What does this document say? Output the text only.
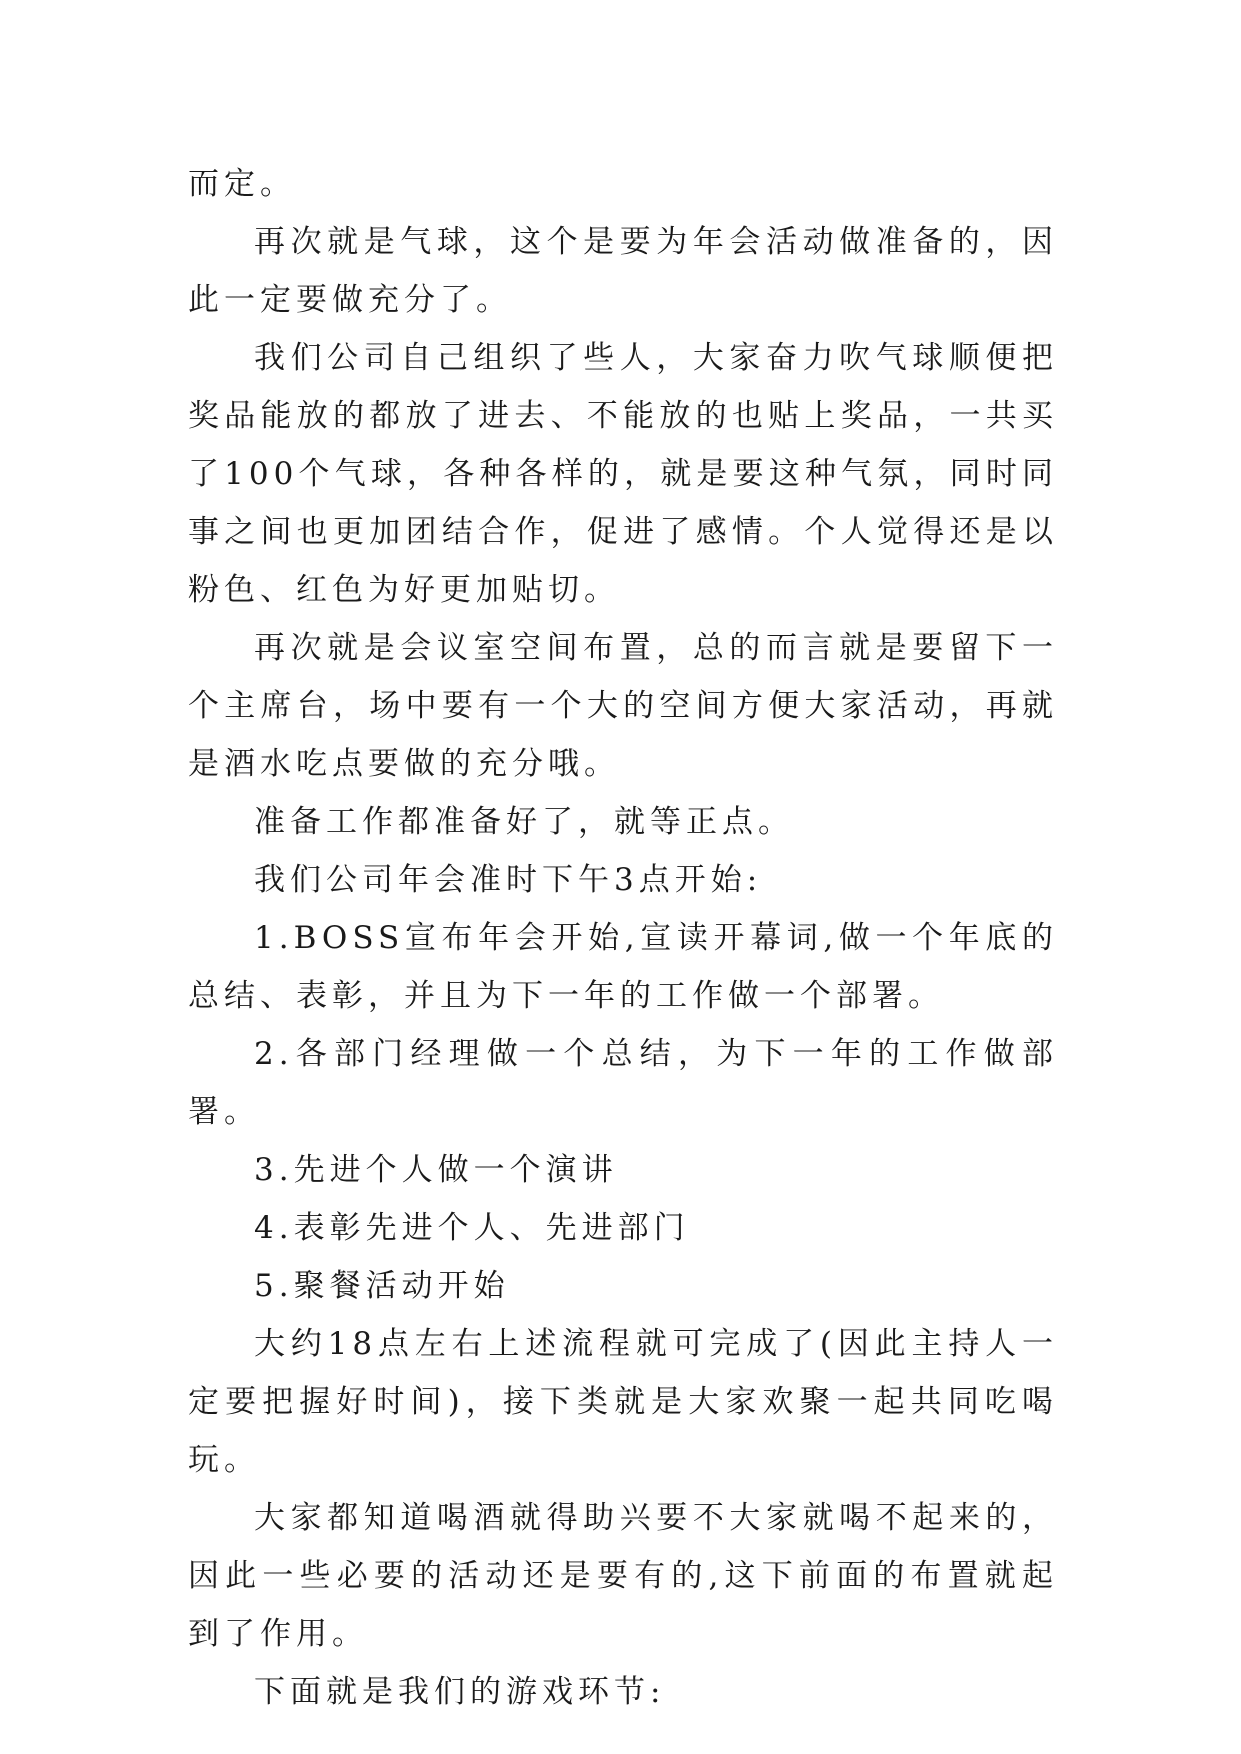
而定。

再次就是气球，这个是要为年会活动做准备的，因此一定要做充分了。

我们公司自己组织了些人，大家奋力吹气球顺便把奖品能放的都放了进去、不能放的也贴上奖品，一共买了100个气球，各种各样的，就是要这种气氛，同时同事之间也更加团结合作，促进了感情。个人觉得还是以粉色、红色为好更加贴切。

再次就是会议室空间布置，总的而言就是要留下一个主席台，场中要有一个大的空间方便大家活动，再就是酒水吃点要做的充分哦。

准备工作都准备好了，就等正点。

我们公司年会准时下午3点开始:

1.BOSS宣布年会开始,宣读开幕词,做一个年底的总结、表彰，并且为下一年的工作做一个部署。

2.各部门经理做一个总结，为下一年的工作做部署。

3.先进个人做一个演讲

4.表彰先进个人、先进部门

5.聚餐活动开始

大约18点左右上述流程就可完成了(因此主持人一定要把握好时间)，接下类就是大家欢聚一起共同吃喝玩。

大家都知道喝酒就得助兴要不大家就喝不起来的，因此一些必要的活动还是要有的,这下前面的布置就起到了作用。

下面就是我们的游戏环节:
